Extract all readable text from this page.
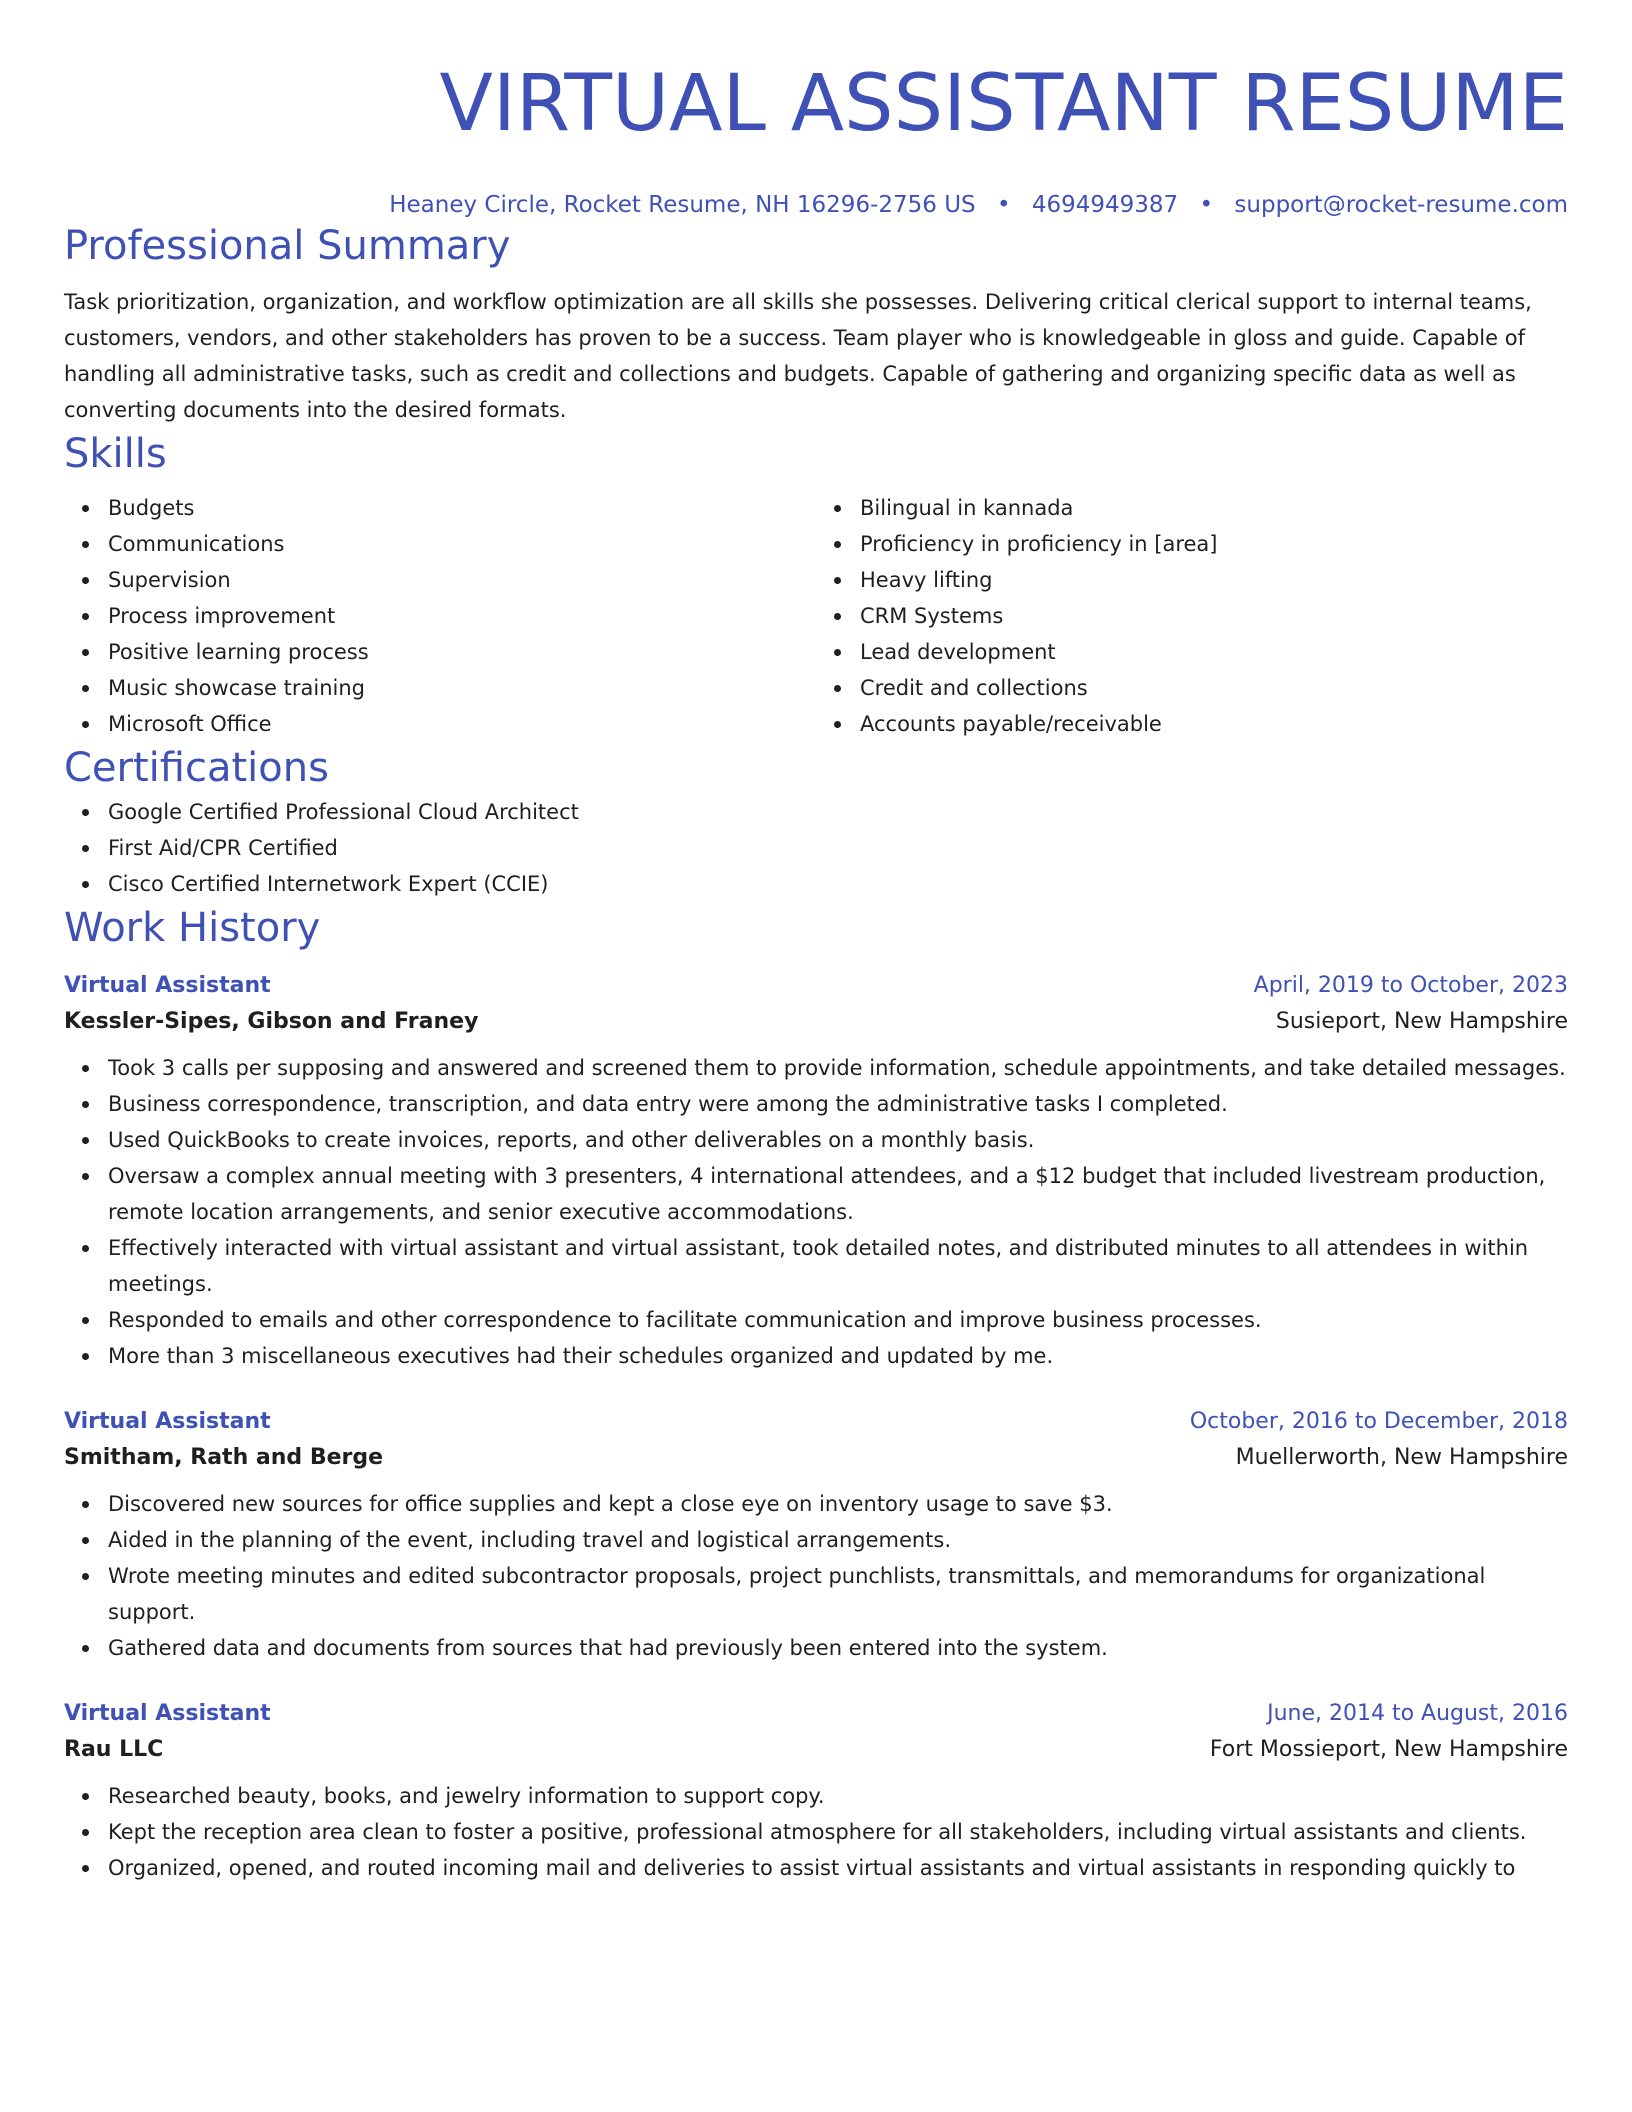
VIRTUAL ASSISTANT RESUME
Heaney Circle, Rocket Resume, NH 16296-2756 US • 4694949387 • support@rocket-resume.com
Professional Summary
Task prioritization, organization, and workflow optimization are all skills she possesses. Delivering critical clerical support to internal teams, customers, vendors, and other stakeholders has proven to be a success. Team player who is knowledgeable in gloss and guide. Capable of handling all administrative tasks, such as credit and collections and budgets. Capable of gathering and organizing specific data as well as converting documents into the desired formats.
Skills
Budgets
Communications
Supervision
Process improvement
Positive learning process
Music showcase training
Microsoft Office
Bilingual in kannada
Proficiency in proficiency in [area]
Heavy lifting
CRM Systems
Lead development
Credit and collections
Accounts payable/receivable
Certifications
Google Certified Professional Cloud Architect
First Aid/CPR Certified
Cisco Certified Internetwork Expert (CCIE)
Work History
Virtual Assistant	April, 2019 to October, 2023
Kessler-Sipes, Gibson and Franey	Susieport, New Hampshire
Took 3 calls per supposing and answered and screened them to provide information, schedule appointments, and take detailed messages.
Business correspondence, transcription, and data entry were among the administrative tasks I completed.
Used QuickBooks to create invoices, reports, and other deliverables on a monthly basis.
Oversaw a complex annual meeting with 3 presenters, 4 international attendees, and a $12 budget that included livestream production, remote location arrangements, and senior executive accommodations.
Effectively interacted with virtual assistant and virtual assistant, took detailed notes, and distributed minutes to all attendees in within meetings.
Responded to emails and other correspondence to facilitate communication and improve business processes.
More than 3 miscellaneous executives had their schedules organized and updated by me.
Virtual Assistant	October, 2016 to December, 2018
Smitham, Rath and Berge	Muellerworth, New Hampshire
Discovered new sources for office supplies and kept a close eye on inventory usage to save $3.
Aided in the planning of the event, including travel and logistical arrangements.
Wrote meeting minutes and edited subcontractor proposals, project punchlists, transmittals, and memorandums for organizational support.
Gathered data and documents from sources that had previously been entered into the system.
Virtual Assistant	June, 2014 to August, 2016
Rau LLC	Fort Mossieport, New Hampshire
Researched beauty, books, and jewelry information to support copy.
Kept the reception area clean to foster a positive, professional atmosphere for all stakeholders, including virtual assistants and clients.
Organized, opened, and routed incoming mail and deliveries to assist virtual assistants and virtual assistants in responding quickly to
